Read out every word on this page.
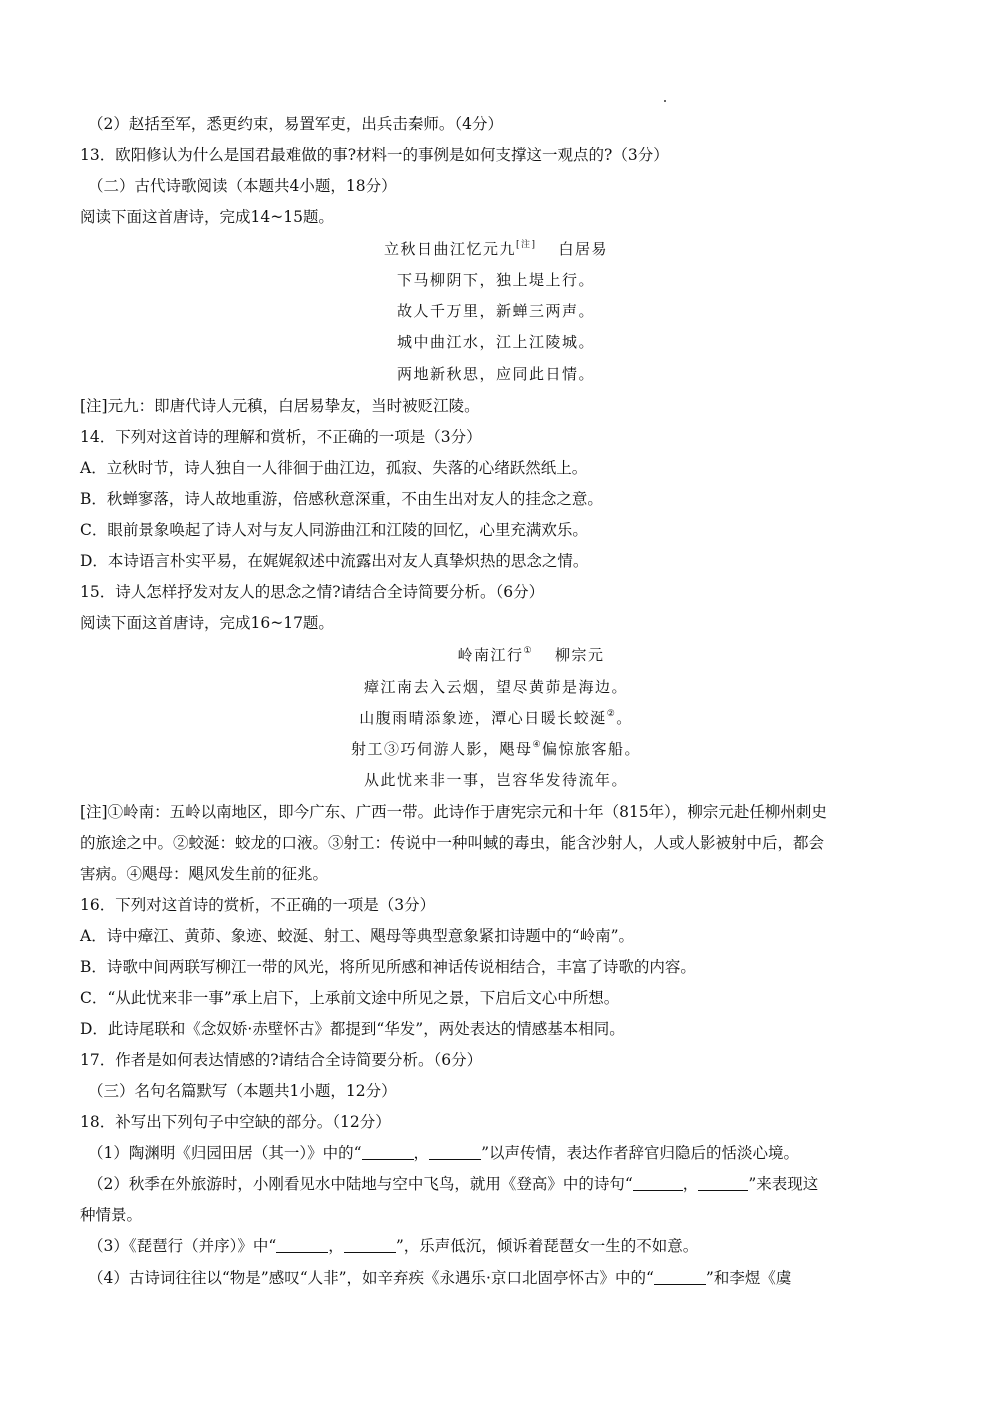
（2）赵括至军，悉更约束，易置军吏，出兵击秦师。（4分）
13．欧阳修认为什么是国君最难做的事?材料一的事例是如何支撑这一观点的?（3分）
（二）古代诗歌阅读（本题共4小题，18分）
阅读下面这首唐诗，完成14~15题。
立秋日曲江忆元九[注] 白居易
下马柳阴下，独上堤上行。
故人千万里，新蝉三两声。
城中曲江水，江上江陵城。
两地新秋思，应同此日情。
[注]元九：即唐代诗人元稹，白居易挚友，当时被贬江陵。
14．下列对这首诗的理解和赏析，不正确的一项是（3分）
A．立秋时节，诗人独自一人徘徊于曲江边，孤寂、失落的心绪跃然纸上。
B．秋蝉寥落，诗人故地重游，倍感秋意深重，不由生出对友人的挂念之意。
C．眼前景象唤起了诗人对与友人同游曲江和江陵的回忆，心里充满欢乐。
D．本诗语言朴实平易，在娓娓叙述中流露出对友人真挚炽热的思念之情。
15．诗人怎样抒发对友人的思念之情?请结合全诗简要分析。（6分）
阅读下面这首唐诗，完成16~17题。
岭南江行① 柳宗元
瘴江南去入云烟，望尽黄茆是海边。
山腹雨晴添象迹，潭心日暖长蛟涎②。
射工③巧伺游人影，飓母④偏惊旅客船。
从此忧来非一事，岂容华发待流年。
[注]①岭南：五岭以南地区，即今广东、广西一带。此诗作于唐宪宗元和十年（815年），柳宗元赴任柳州刺史
的旅途之中。②蛟涎：蛟龙的口液。③射工：传说中一种叫蜮的毒虫，能含沙射人，人或人影被射中后，都会
害病。④飓母：飓风发生前的征兆。
16．下列对这首诗的赏析，不正确的一项是（3分）
A．诗中瘴江、黄茆、象迹、蛟涎、射工、飓母等典型意象紧扣诗题中的“岭南”。
B．诗歌中间两联写柳江一带的风光，将所见所感和神话传说相结合，丰富了诗歌的内容。
C．“从此忧来非一事”承上启下，上承前文途中所见之景，下启后文心中所想。
D．此诗尾联和《念奴娇·赤壁怀古》都提到“华发”，两处表达的情感基本相同。
17．作者是如何表达情感的?请结合全诗简要分析。（6分）
（三）名句名篇默写（本题共1小题，12分）
18．补写出下列句子中空缺的部分。（12分）
（1）陶渊明《归园田居（其一）》中的“	，	”以声传情，表达作者辞官归隐后的恬淡心境。
（2）秋季在外旅游时，小刚看见水中陆地与空中飞鸟，就用《登高》中的诗句“	，	”来表现这
种情景。
（3）《琵琶行（并序）》中“	，	”，乐声低沉，倾诉着琵琶女一生的不如意。
（4）古诗词往往以“物是”感叹“人非”，如辛弃疾《永遇乐·京口北固亭怀古》中的“	”和李煜《虞
